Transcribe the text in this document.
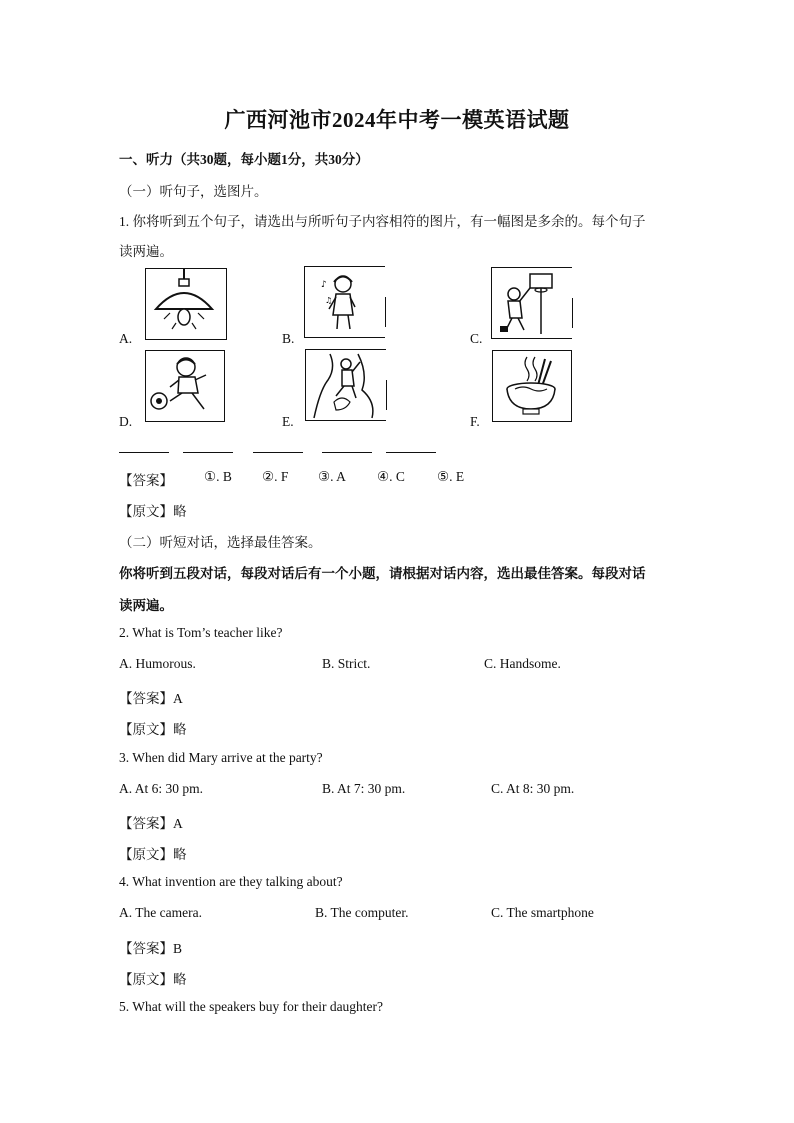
广西河池市2024年中考一模英语试题
一、听力（共30题，每小题1分，共30分）
（一）听句子，选图片。
1. 你将听到五个句子，请选出与所听句子内容相符的图片，有一幅图是多余的。每个句子
读两遍。
A.	B.
♪
♫
C.
D.	E.	F.
【答案】 ①. B ②. F ③. A ④. C ⑤. E
【原文】略
（二）听短对话，选择最佳答案。
你将听到五段对话，每段对话后有一个小题，请根据对话内容，选出最佳答案。每段对话
读两遍。
2. What is Tom’s teacher like?
A. Humorous.	B. Strict.	C. Handsome.
【答案】A
【原文】略
3. When did Mary arrive at the party?
A. At 6: 30 pm.	B. At 7: 30 pm.	C. At 8: 30 pm.
【答案】A
【原文】略
4. What invention are they talking about?
A. The camera.	B. The computer.	C. The smartphone
【答案】B
【原文】略
5. What will the speakers buy for their daughter?
